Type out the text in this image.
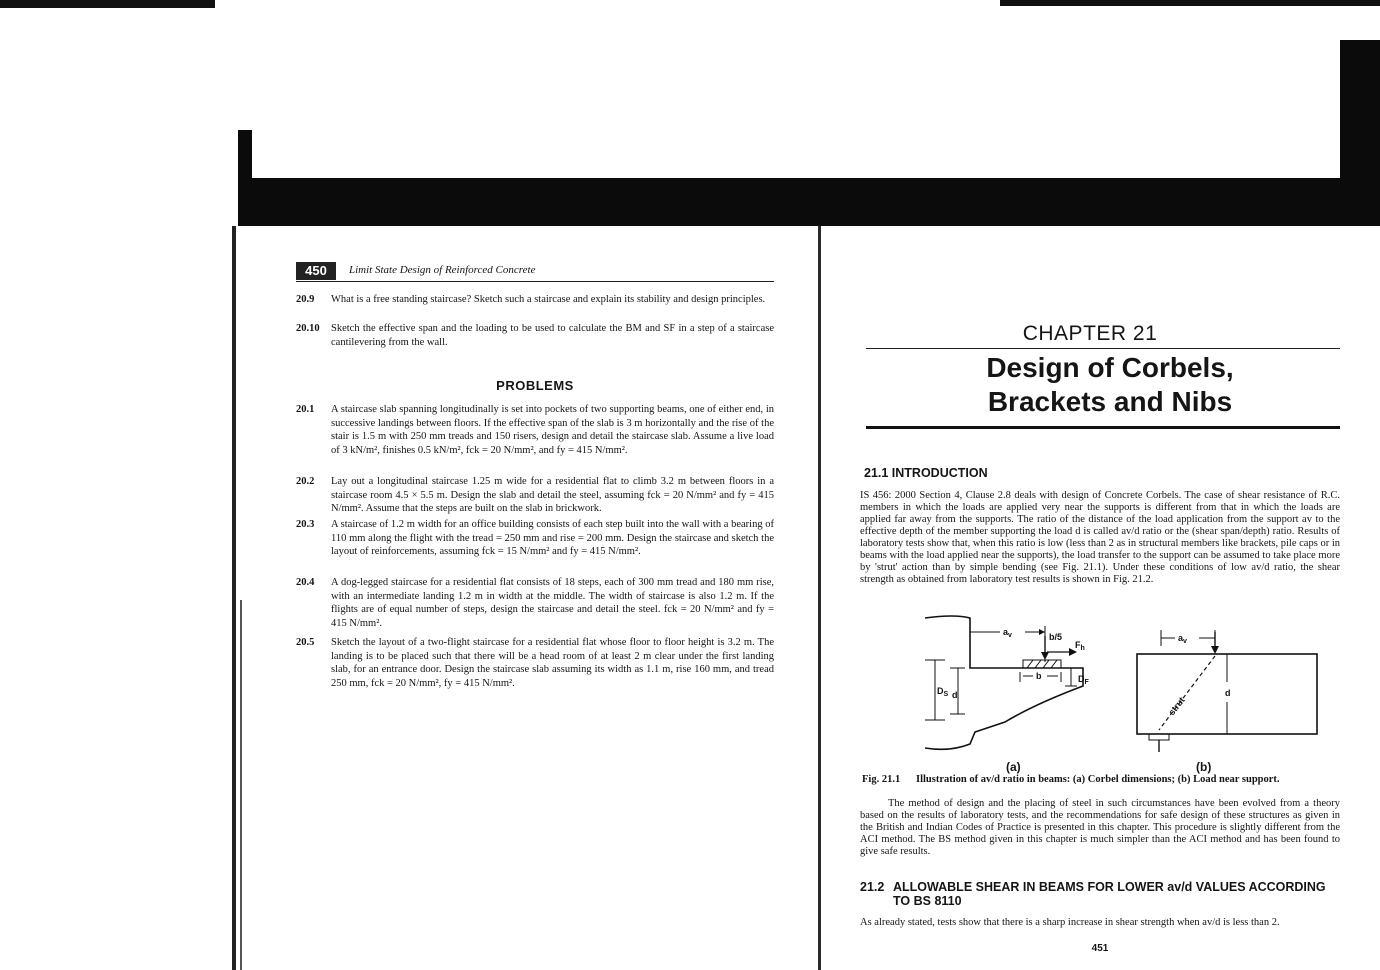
450	Limit State Design of Reinforced Concrete
20.9	What is a free standing staircase? Sketch such a staircase and explain its stability and design principles.
20.10	Sketch the effective span and the loading to be used to calculate the BM and SF in a step of a staircase cantilevering from the wall.
PROBLEMS
20.1	A staircase slab spanning longitudinally is set into pockets of two supporting beams, one of either end, in successive landings between floors. If the effective span of the slab is 3 m horizontally and the rise of the stair is 1.5 m with 250 mm treads and 150 risers, design and detail the staircase slab. Assume a live load of 3 kN/m², finishes 0.5 kN/m², fck = 20 N/mm², and fy = 415 N/mm².
20.2	Lay out a longitudinal staircase 1.25 m wide for a residential flat to climb 3.2 m between floors in a staircase room 4.5 × 5.5 m. Design the slab and detail the steel, assuming fck = 20 N/mm² and fy = 415 N/mm². Assume that the steps are built on the slab in brickwork.
20.3	A staircase of 1.2 m width for an office building consists of each step built into the wall with a bearing of 110 mm along the flight with the tread = 250 mm and rise = 200 mm. Design the staircase and sketch the layout of reinforcements, assuming fck = 15 N/mm² and fy = 415 N/mm².
20.4	A dog-legged staircase for a residential flat consists of 18 steps, each of 300 mm tread and 180 mm rise, with an intermediate landing 1.2 m in width at the middle. The width of staircase is also 1.2 m. If the flights are of equal number of steps, design the staircase and detail the steel. fck = 20 N/mm² and fy = 415 N/mm².
20.5	Sketch the layout of a two-flight staircase for a residential flat whose floor to floor height is 3.2 m. The landing is to be placed such that there will be a head room of at least 2 m clear under the first landing slab, for an entrance door. Design the staircase slab assuming its width as 1.1 m, rise 160 mm, and tread 250 mm, fck = 20 N/mm², fy = 415 N/mm².
CHAPTER 21
Design of Corbels,
Brackets and Nibs
21.1 INTRODUCTION
IS 456: 2000 Section 4, Clause 2.8 deals with design of Concrete Corbels. The case of shear resistance of R.C. members in which the loads are applied very near the supports is different from that in which the loads are applied far away from the supports. The ratio of the distance of the load application from the support av to the effective depth of the member supporting the load d is called av/d ratio or the (shear span/depth) ratio. Results of laboratory tests show that, when this ratio is low (less than 2 as in structural members like brackets, pile caps or in beams with the load applied near the supports), the load transfer to the support can be assumed to take place more by 'strut' action than by simple bending (see Fig. 21.1). Under these conditions of low av/d ratio, the shear strength as obtained from laboratory test results is shown in Fig. 21.2.
$a_v$	b/5
$F_h$
b	$D_F$
$D_S$ d
$a_v$
d
strut
(a)	(b)
Fig. 21.1	Illustration of av/d ratio in beams: (a) Corbel dimensions; (b) Load near support.
The method of design and the placing of steel in such circumstances have been evolved from a theory based on the results of laboratory tests, and the recommendations for safe design of these structures as given in the British and Indian Codes of Practice is presented in this chapter. This procedure is slightly different from the ACI method. The BS method given in this chapter is much simpler than the ACI method and has been found to give safe results.
21.2 ALLOWABLE SHEAR IN BEAMS FOR LOWER av/d VALUES ACCORDING
TO BS 8110
As already stated, tests show that there is a sharp increase in shear strength when av/d is less than 2.
451
